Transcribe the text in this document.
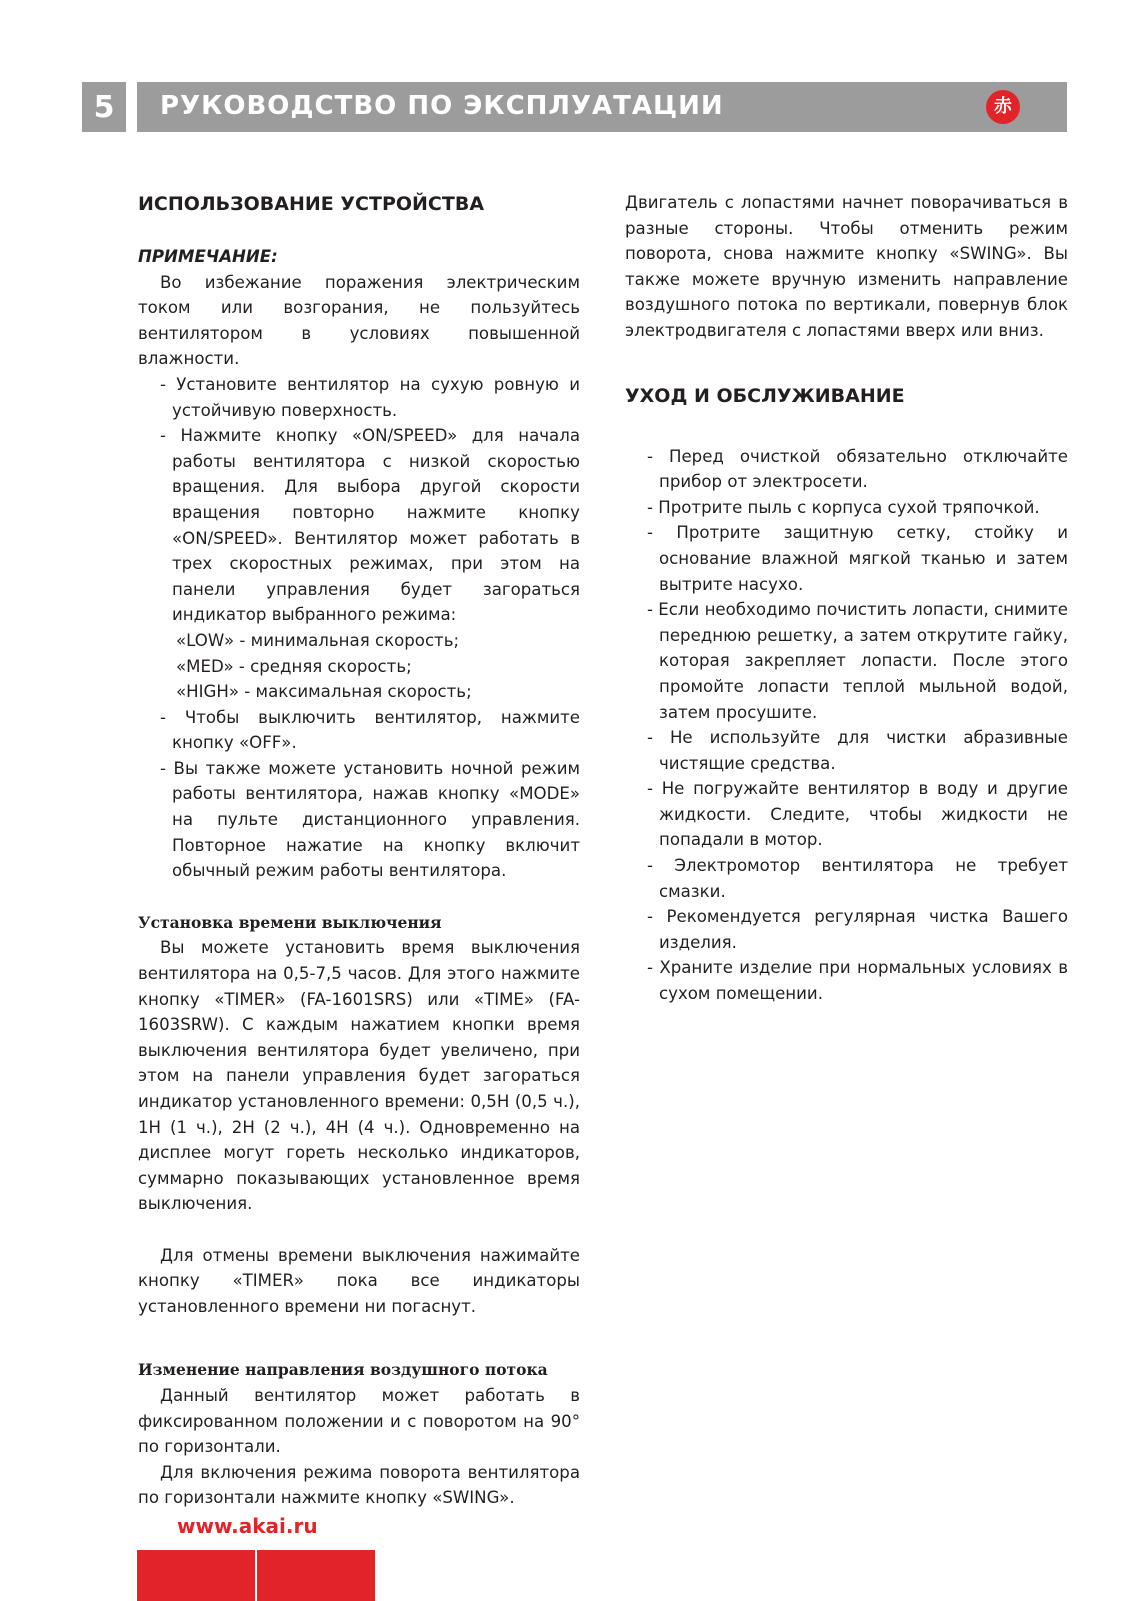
5	РУКОВОДСТВО ПО ЭКСПЛУАТАЦИИ	赤
ИСПОЛЬЗОВАНИЕ УСТРОЙСТВА
ПРИМЕЧАНИЕ:

Во избежание поражения электрическим током или возгорания, не пользуйтесь вентилятором в условиях повышенной влажности.

- Установите вентилятор на сухую ровную и устойчивую поверхность.
- Нажмите кнопку «ON/SPEED» для начала работы вентилятора с низкой скоростью вращения. Для выбора другой скорости вращения повторно нажмите кнопку «ON/SPEED». Вентилятор может работать в трех скоростных режимах, при этом на панели управления будет загораться индикатор выбранного режима:
«LOW» - минимальная скорость;
«MED» - средняя скорость;
«HIGH» - максимальная скорость;
- Чтобы выключить вентилятор, нажмите кнопку «OFF».
- Вы также можете установить ночной режим работы вентилятора, нажав кнопку «MODE» на пульте дистанционного управления. Повторное нажатие на кнопку включит обычный режим работы вентилятора.
Установка времени выключения

Вы можете установить время выключения вентилятора на 0,5-7,5 часов. Для этого нажмите кнопку «TIMER» (FA-1601SRS) или «TIME» (FA-1603SRW). С каждым нажатием кнопки время выключения вентилятора будет увеличено, при этом на панели управления будет загораться индикатор установленного времени: 0,5H (0,5 ч.), 1H (1 ч.), 2H (2 ч.), 4H (4 ч.). Одновременно на дисплее могут гореть несколько индикаторов, суммарно показывающих установленное время выключения.

Для отмены времени выключения нажимайте кнопку «TIMER» пока все индикаторы установленного времени ни погаснут.

Изменение направления воздушного потока

Данный вентилятор может работать в фиксированном положении и с поворотом на 90° по горизонтали.

Для включения режима поворота вентилятора по горизонтали нажмите кнопку «SWING».

Двигатель с лопастями начнет поворачиваться в разные стороны. Чтобы отменить режим поворота, снова нажмите кнопку «SWING». Вы также можете вручную изменить направление воздушного потока по вертикали, повернув блок электродвигателя с лопастями вверх или вниз.

УХОД И ОБСЛУЖИВАНИЕ
- Перед очисткой обязательно отключайте прибор от электросети.
- Протрите пыль с корпуса сухой тряпочкой.
- Протрите защитную сетку, стойку и основание влажной мягкой тканью и затем вытрите насухо.
- Если необходимо почистить лопасти, снимите переднюю решетку, а затем открутите гайку, которая закрепляет лопасти. После этого промойте лопасти теплой мыльной водой, затем просушите.
- Не используйте для чистки абразивные чистящие средства.
- Не погружайте вентилятор в воду и другие жидкости. Следите, чтобы жидкости не попадали в мотор.
- Электромотор вентилятора не требует смазки.
- Рекомендуется регулярная чистка Вашего изделия.
- Храните изделие при нормальных условиях в сухом помещении.
www.akai.ru
